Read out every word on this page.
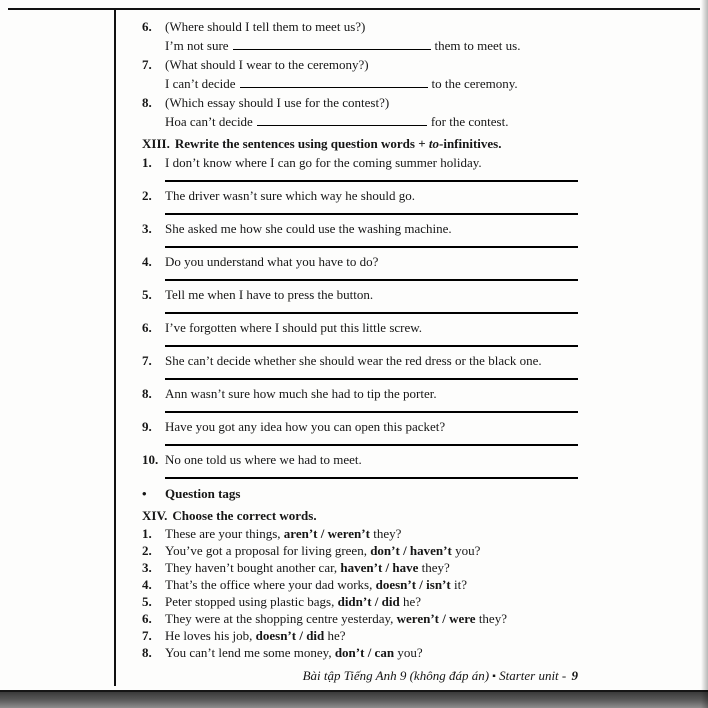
6.	(Where should I tell them to meet us?)
I’m not sure	them to meet us.
7.	(What should I wear to the ceremony?)
I can’t decide	to the ceremony.
8.	(Which essay should I use for the contest?)
Hoa can’t decide	for the contest.
XIII. Rewrite the sentences using question words + to-infinitives.
1.	I don’t know where I can go for the coming summer holiday.
2.	The driver wasn’t sure which way he should go.
3.	She asked me how she could use the washing machine.
4.	Do you understand what you have to do?
5.	Tell me when I have to press the button.
6.	I’ve forgotten where I should put this little screw.
7.	She can’t decide whether she should wear the red dress or the black one.
8.	Ann wasn’t sure how much she had to tip the porter.
9.	Have you got any idea how you can open this packet?
10. No one told us where we had to meet.
•	Question tags
XIV. Choose the correct words.
1.	These are your things, aren’t / weren’t they?
2.	You’ve got a proposal for living green, don’t / haven’t you?
3.	They haven’t bought another car, haven’t / have they?
4.	That’s the office where your dad works, doesn’t / isn’t it?
5.	Peter stopped using plastic bags, didn’t / did he?
6.	They were at the shopping centre yesterday, weren’t / were they?
7.	He loves his job, doesn’t / did he?
8.	You can’t lend me some money, don’t / can you?
Bài tập Tiếng Anh 9 (không đáp án) ▪ Starter unit - 9
